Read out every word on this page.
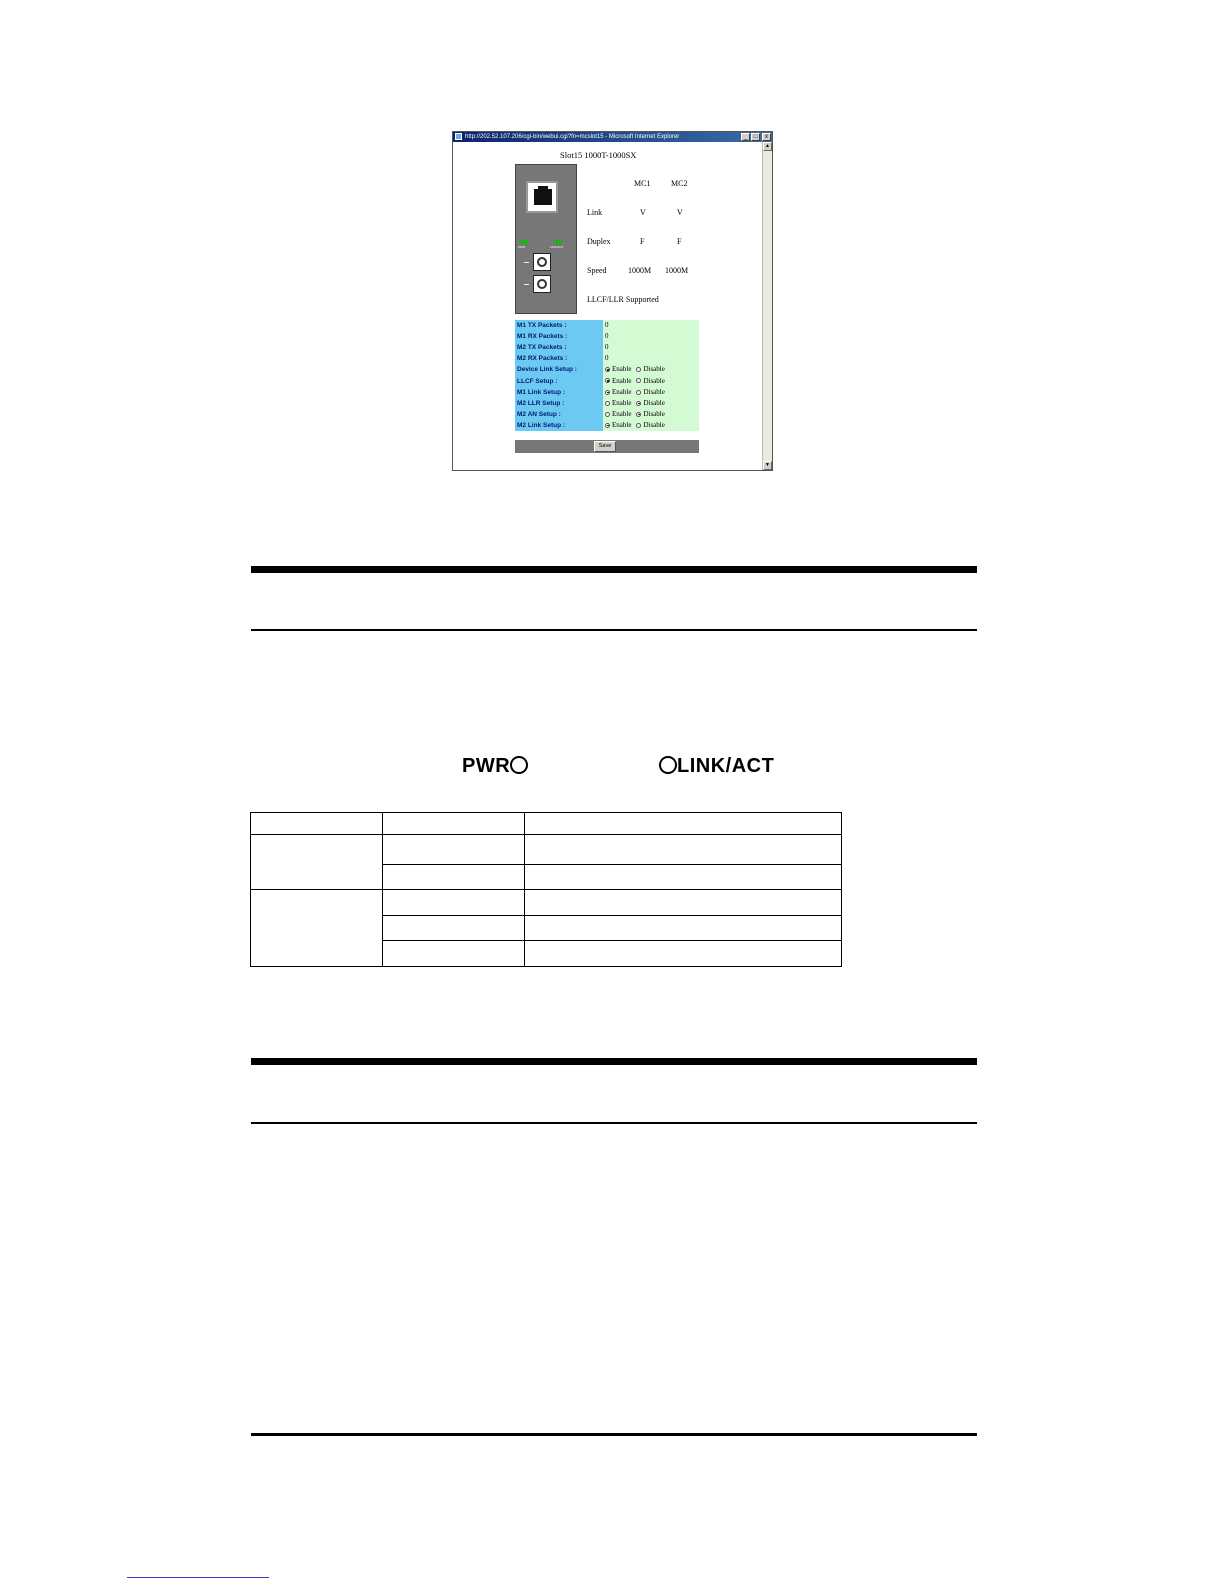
http://202.52.107.206/cgi-bin/webui.cgi?fn=mcslot15 - Microsoft Internet Explorer	_	□	x
▲
▼
Slot15 1000T-1000SX
PWR	LINK/ACT
MC1	MC2
Link	V	V
Duplex	F	F
Speed	1000M 1000M
LLCF/LLR Supported
M1 TX Packets :	0
M1 RX Packets :	0
M2 TX Packets :	0
M2 RX Packets :	0
Device Link Setup :	Enable Disable
LLCF Setup :	Enable Disable
M1 Link Setup :	Enable Disable
M2 LLR Setup :	Enable Disable
M2 AN Setup :	Enable Disable
M2 Link Setup :	Enable Disable
Save
PWR	LINK/ACT
